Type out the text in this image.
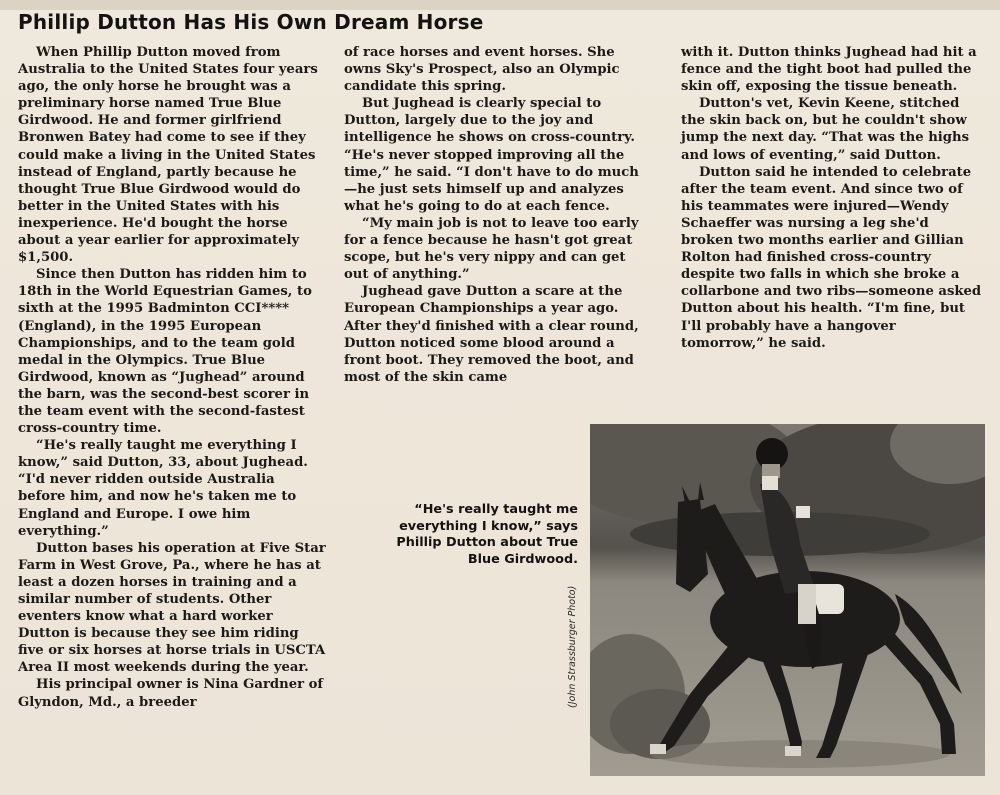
Phillip Dutton Has His Own Dream Horse

When Phillip Dutton moved from Australia to the United States four years ago, the only horse he brought was a preliminary horse named True Blue Girdwood. He and former girlfriend Bronwen Batey had come to see if they could make a living in the United States instead of England, partly because he thought True Blue Girdwood would do better in the United States with his inexperience. He'd bought the horse about a year earlier for approximately $1,500.

Since then Dutton has ridden him to 18th in the World Equestrian Games, to sixth at the 1995 Badminton CCI**** (England), in the 1995 European Championships, and to the team gold medal in the Olympics. True Blue Girdwood, known as “Jughead” around the barn, was the second-best scorer in the team event with the second-fastest cross-country time.

“He's really taught me everything I know,” said Dutton, 33, about Jughead. “I'd never ridden outside Australia before him, and now he's taken me to England and Europe. I owe him everything.”

Dutton bases his operation at Five Star Farm in West Grove, Pa., where he has at least a dozen horses in training and a similar number of students. Other eventers know what a hard worker Dutton is because they see him riding five or six horses at horse trials in USCTA Area II most weekends during the year.

His principal owner is Nina Gardner of Glyndon, Md., a breeder

of race horses and event horses. She owns Sky's Prospect, also an Olympic candidate this spring.

But Jughead is clearly special to Dutton, largely due to the joy and intelligence he shows on cross-country. “He's never stopped improving all the time,” he said. “I don't have to do much—he just sets himself up and analyzes what he's going to do at each fence.

“My main job is not to leave too early for a fence because he hasn't got great scope, but he's very nippy and can get out of anything.”

Jughead gave Dutton a scare at the European Championships a year ago. After they'd finished with a clear round, Dutton noticed some blood around a front boot. They removed the boot, and most of the skin came

with it. Dutton thinks Jughead had hit a fence and the tight boot had pulled the skin off, exposing the tissue beneath.

Dutton's vet, Kevin Keene, stitched the skin back on, but he couldn't show jump the next day. “That was the highs and lows of eventing,” said Dutton.

Dutton said he intended to celebrate after the team event. And since two of his teammates were injured—Wendy Schaeffer was nursing a leg she'd broken two months earlier and Gillian Rolton had finished cross-country despite two falls in which she broke a collarbone and two ribs—someone asked Dutton about his health. “I'm fine, but I'll probably have a hangover tomorrow,” he said.

“He's really taught me everything I know,” says Phillip Dutton about True Blue Girdwood.
(John Strassburger Photo)
